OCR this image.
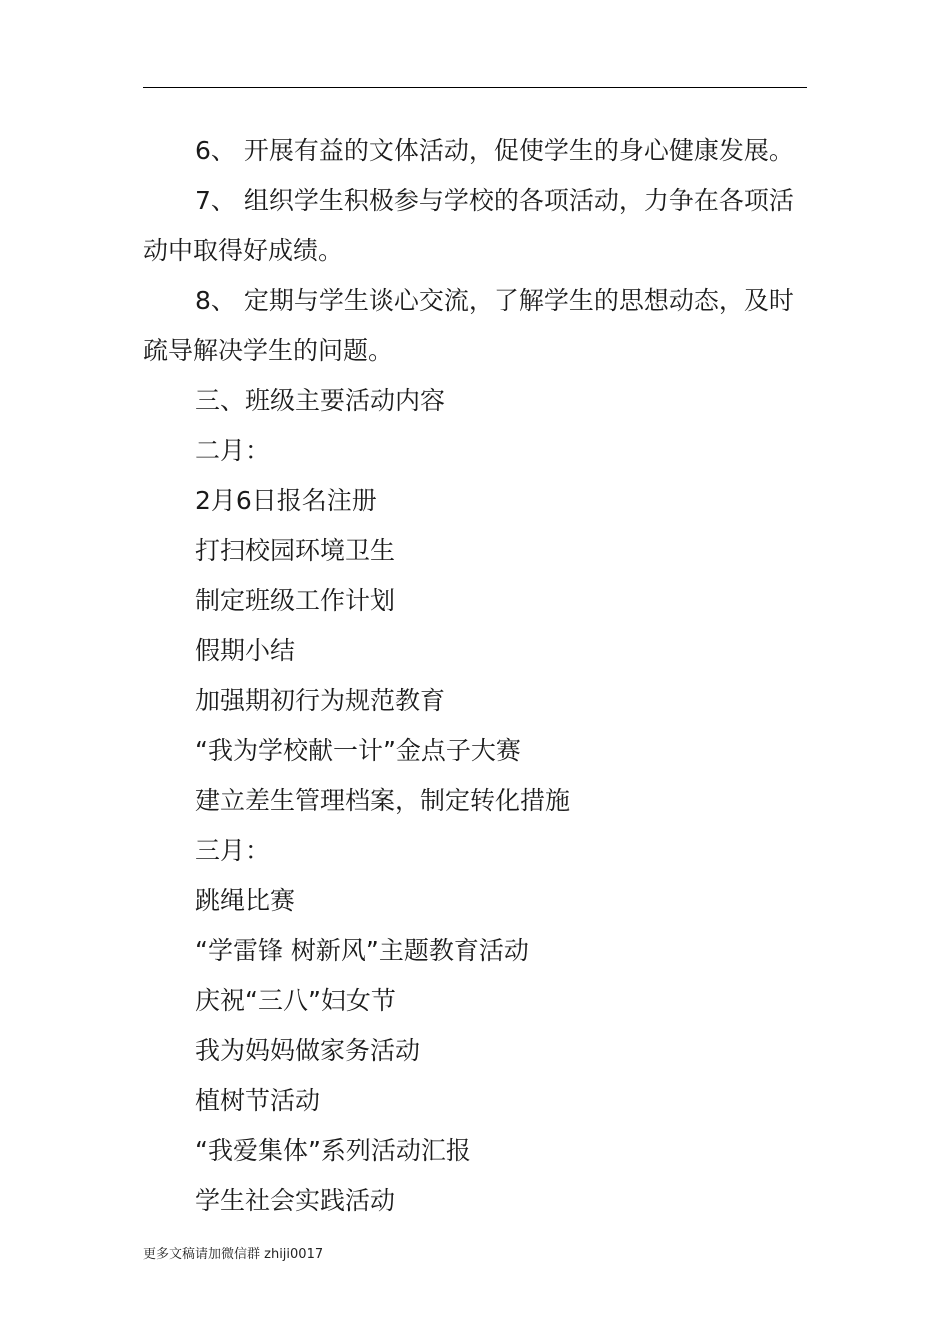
6、 开展有益的文体活动，促使学生的身心健康发展。

7、 组织学生积极参与学校的各项活动，力争在各项活动中取得好成绩。

8、 定期与学生谈心交流，了解学生的思想动态，及时疏导解决学生的问题。

三、班级主要活动内容

二月：

2月6日报名注册

打扫校园环境卫生

制定班级工作计划

假期小结

加强期初行为规范教育

“我为学校献一计”金点子大赛

建立差生管理档案，制定转化措施

三月：

跳绳比赛

“学雷锋 树新风”主题教育活动

庆祝“三八”妇女节

我为妈妈做家务活动

植树节活动

“我爱集体”系列活动汇报

学生社会实践活动

更多文稿请加微信群 zhiji0017
